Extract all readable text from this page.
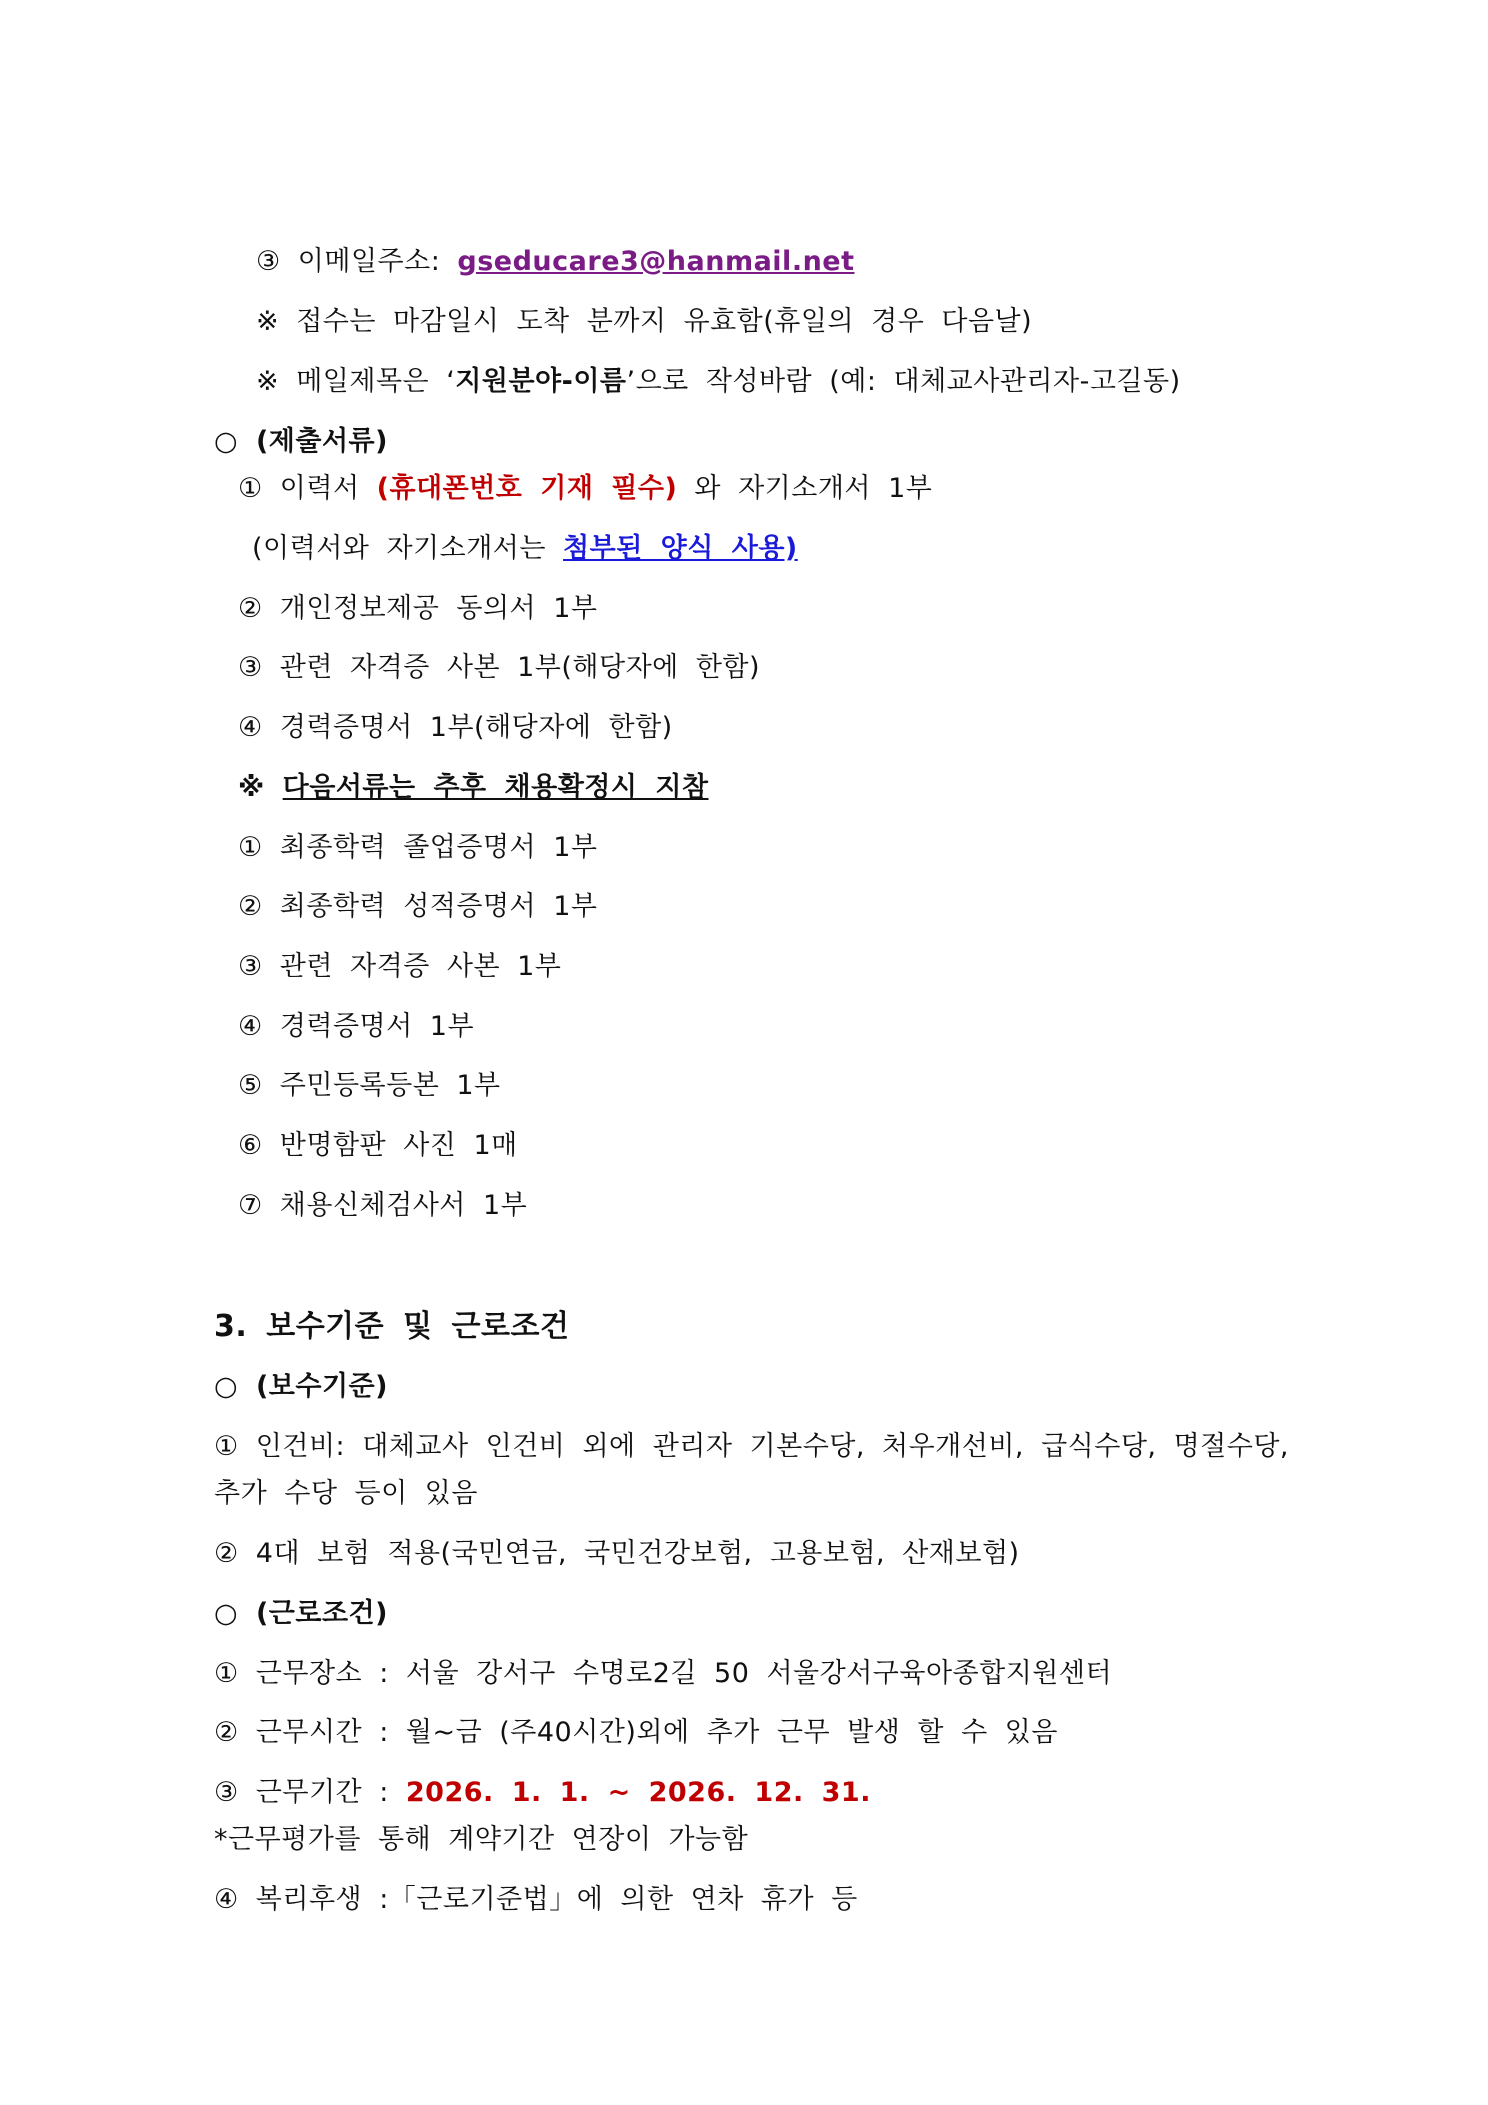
③ 이메일주소: gseducare3@hanmail.net
※ 접수는 마감일시 도착 분까지 유효함(휴일의 경우 다음날)
※ 메일제목은 ‘지원분야-이름’으로 작성바람 (예: 대체교사관리자-고길동)
○ (제출서류)
① 이력서 (휴대폰번호 기재 필수) 와 자기소개서 1부
(이력서와 자기소개서는 첨부된 양식 사용)
② 개인정보제공 동의서 1부
③ 관련 자격증 사본 1부(해당자에 한함)
④ 경력증명서 1부(해당자에 한함)
※ 다음서류는 추후 채용확정시 지참
① 최종학력 졸업증명서 1부
② 최종학력 성적증명서 1부
③ 관련 자격증 사본 1부
④ 경력증명서 1부
⑤ 주민등록등본 1부
⑥ 반명함판 사진 1매
⑦ 채용신체검사서 1부
3. 보수기준 및 근로조건
○ (보수기준)
① 인건비: 대체교사 인건비 외에 관리자 기본수당, 처우개선비, 급식수당, 명절수당,
추가 수당 등이 있음
② 4대 보험 적용(국민연금, 국민건강보험, 고용보험, 산재보험)
○ (근로조건)
① 근무장소 : 서울 강서구 수명로2길 50 서울강서구육아종합지원센터
② 근무시간 : 월~금 (주40시간)외에 추가 근무 발생 할 수 있음
③ 근무기간 : 2026. 1. 1. ~ 2026. 12. 31.
*근무평가를 통해 계약기간 연장이 가능함
④ 복리후생 :「근로기준법」에 의한 연차 휴가 등
